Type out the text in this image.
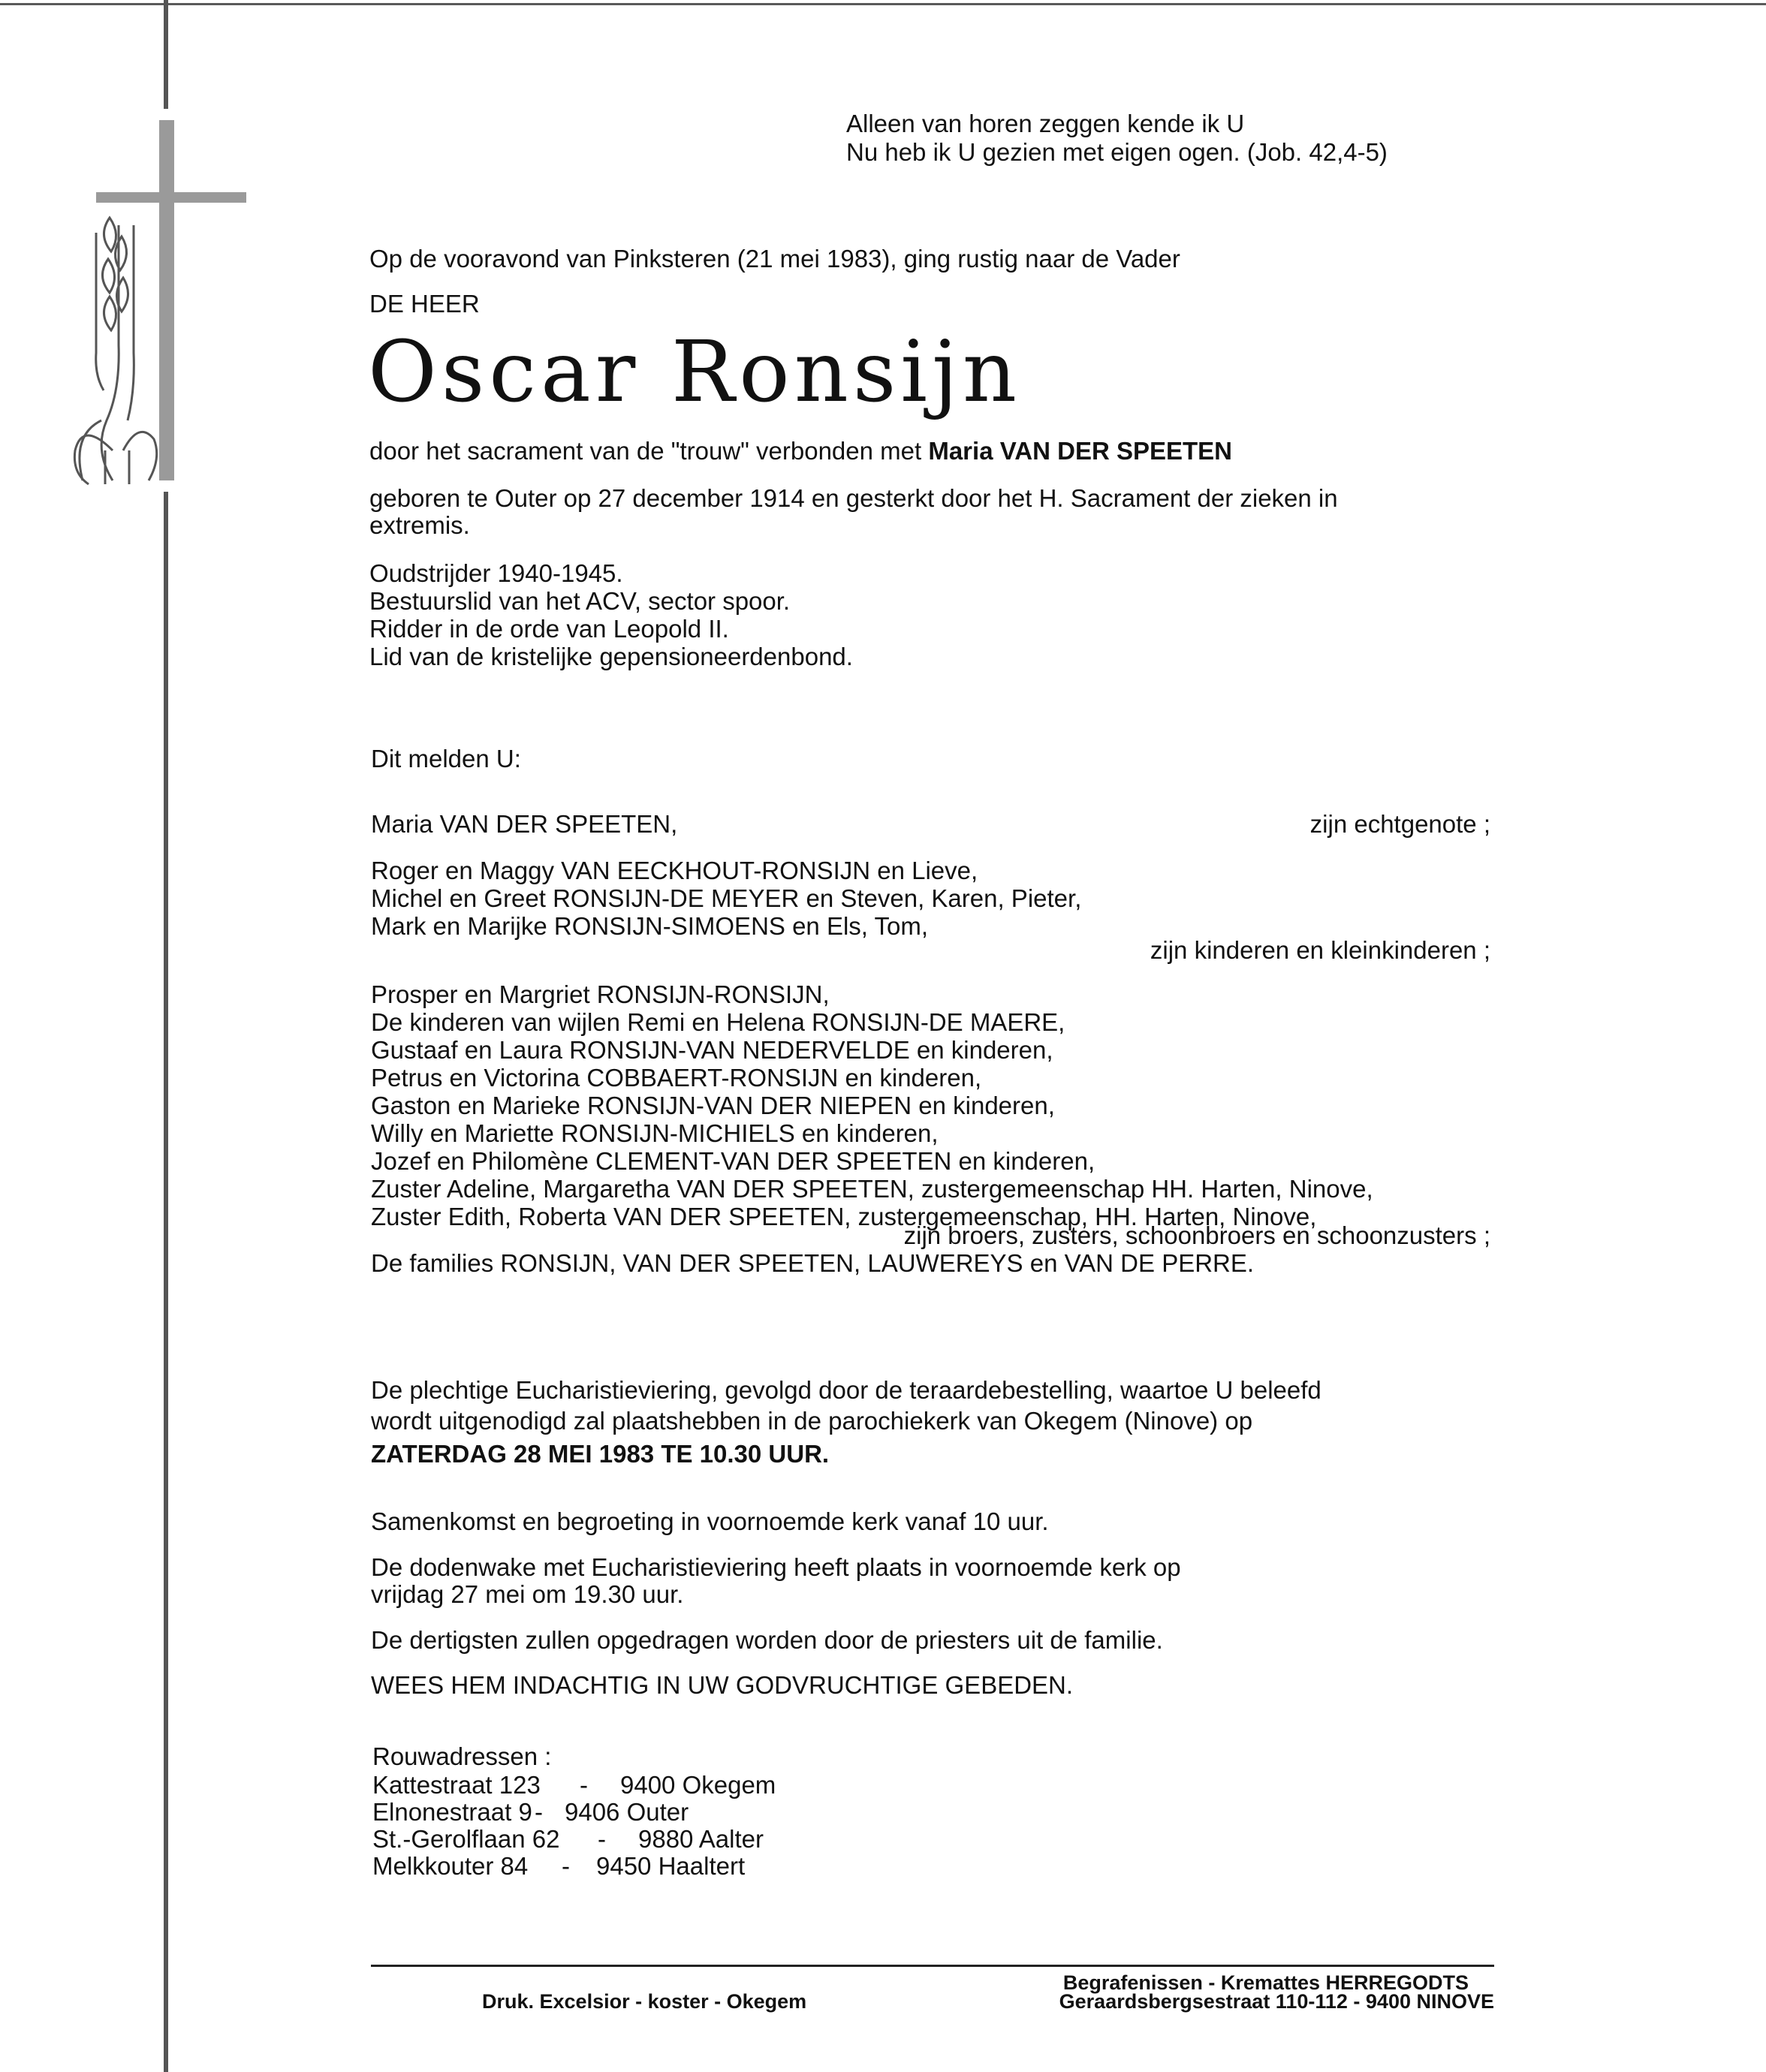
Alleen van horen zeggen kende ik U
Nu heb ik U gezien met eigen ogen. (Job. 42,4-5)
Op de vooravond van Pinksteren (21 mei 1983), ging rustig naar de Vader
DE HEER
Oscar Ronsijn
door het sacrament van de "trouw" verbonden met Maria VAN DER SPEETEN
geboren te Outer op 27 december 1914 en gesterkt door het H. Sacrament der zieken in
extremis.
Oudstrijder 1940-1945.
Bestuurslid van het ACV, sector spoor.
Ridder in de orde van Leopold II.
Lid van de kristelijke gepensioneerdenbond.
Dit melden U:
Maria VAN DER SPEETEN,	zijn echtgenote ;
Roger en Maggy VAN EECKHOUT-RONSIJN en Lieve,
Michel en Greet RONSIJN-DE MEYER en Steven, Karen, Pieter,
Mark en Marijke RONSIJN-SIMOENS en Els, Tom,
zijn kinderen en kleinkinderen ;
Prosper en Margriet RONSIJN-RONSIJN,
De kinderen van wijlen Remi en Helena RONSIJN-DE MAERE,
Gustaaf en Laura RONSIJN-VAN NEDERVELDE en kinderen,
Petrus en Victorina COBBAERT-RONSIJN en kinderen,
Gaston en Marieke RONSIJN-VAN DER NIEPEN en kinderen,
Willy en Mariette RONSIJN-MICHIELS en kinderen,
Jozef en Philomène CLEMENT-VAN DER SPEETEN en kinderen,
Zuster Adeline, Margaretha VAN DER SPEETEN, zustergemeenschap HH. Harten, Ninove,
Zuster Edith, Roberta VAN DER SPEETEN, zustergemeenschap, HH. Harten, Ninove,
zijn broers, zusters, schoonbroers en schoonzusters ;
De families RONSIJN, VAN DER SPEETEN, LAUWEREYS en VAN DE PERRE.
De plechtige Eucharistieviering, gevolgd door de teraardebestelling, waartoe U beleefd
wordt uitgenodigd zal plaatshebben in de parochiekerk van Okegem (Ninove) op
ZATERDAG 28 MEI 1983 TE 10.30 UUR.
Samenkomst en begroeting in voornoemde kerk vanaf 10 uur.
De dodenwake met Eucharistieviering heeft plaats in voornoemde kerk op
vrijdag 27 mei om 19.30 uur.
De dertigsten zullen opgedragen worden door de priesters uit de familie.
WEES HEM INDACHTIG IN UW GODVRUCHTIGE GEBEDEN.
Rouwadressen :
Kattestraat 123 - 9400 Okegem
Elnonestraat 9 - 9406 Outer
St.-Gerolflaan 62 - 9880 Aalter
Melkkouter 84 - 9450 Haaltert
Druk. Excelsior - koster - Okegem
Begrafenissen - Kremattes HERREGODTS
Geraardsbergsestraat 110-112 - 9400 NINOVE
